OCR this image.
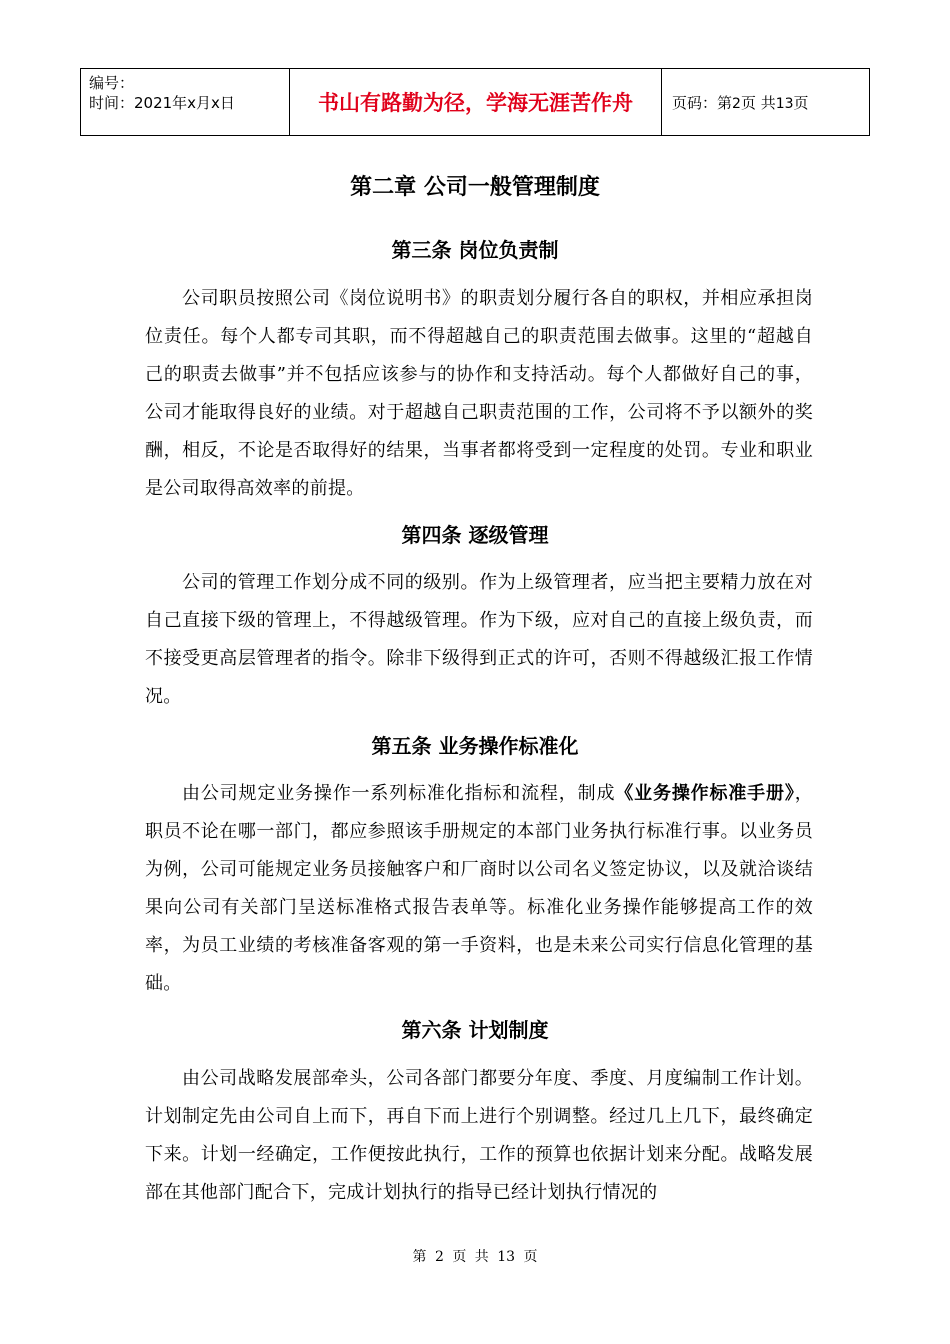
编号：
时间：2021年x月x日	书山有路勤为径，学海无涯苦作舟	页码：第2页 共13页
第二章 公司一般管理制度
第三条 岗位负责制
公司职员按照公司《岗位说明书》的职责划分履行各自的职权，并相应承担岗位责任。每个人都专司其职，而不得超越自己的职责范围去做事。这里的“超越自己的职责去做事”并不包括应该参与的协作和支持活动。每个人都做好自己的事，公司才能取得良好的业绩。对于超越自己职责范围的工作，公司将不予以额外的奖酬，相反，不论是否取得好的结果，当事者都将受到一定程度的处罚。专业和职业是公司取得高效率的前提。
第四条 逐级管理
公司的管理工作划分成不同的级别。作为上级管理者，应当把主要精力放在对自己直接下级的管理上，不得越级管理。作为下级，应对自己的直接上级负责，而不接受更高层管理者的指令。除非下级得到正式的许可，否则不得越级汇报工作情况。
第五条 业务操作标准化
由公司规定业务操作一系列标准化指标和流程，制成《业务操作标准手册》，职员不论在哪一部门，都应参照该手册规定的本部门业务执行标准行事。以业务员为例，公司可能规定业务员接触客户和厂商时以公司名义签定协议，以及就洽谈结果向公司有关部门呈送标准格式报告表单等。标准化业务操作能够提高工作的效率，为员工业绩的考核准备客观的第一手资料，也是未来公司实行信息化管理的基础。
第六条 计划制度
由公司战略发展部牵头，公司各部门都要分年度、季度、月度编制工作计划。计划制定先由公司自上而下，再自下而上进行个别调整。经过几上几下，最终确定下来。计划一经确定，工作便按此执行，工作的预算也依据计划来分配。战略发展部在其他部门配合下，完成计划执行的指导已经计划执行情况的
第 2 页 共 13 页
